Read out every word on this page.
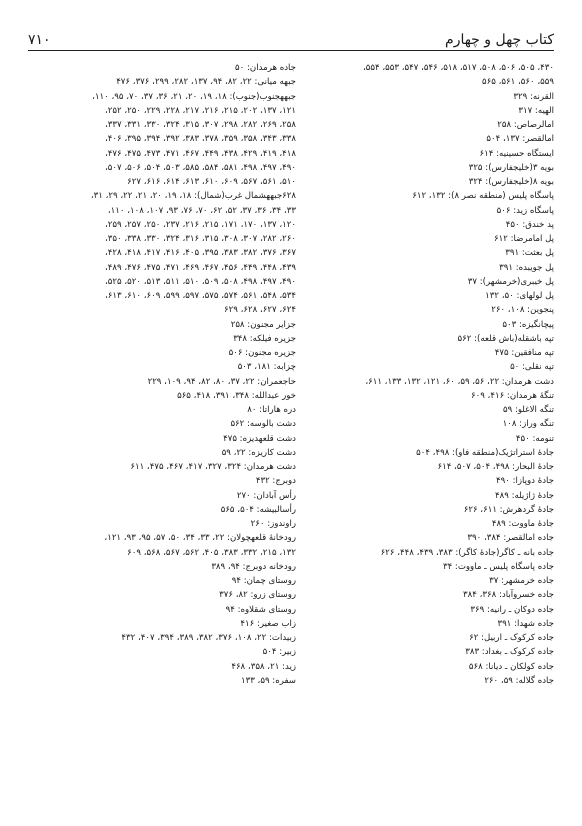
کتاب چهل و چهارم
۷۱۰

۴۳۰، ۵۰۵، ۵۰۶، ۵۰۸، ۵۱۷، ۵۱۸، ۵۴۶، ۵۴۷، ۵۵۳، ۵۵۴،

۵۵۹، ۵۶۰، ۵۶۱، ۵۶۵

القرنه: ۳۲۹

الهیه: ۳۱۷

امالرصاص: ۲۵۸

امالقصر: ۱۳۷، ۵۰۴

ایستگاه حسینیه: ۶۱۴

بویه ۳(خلیجفارس): ۳۲۵

بویه ۸(خلیجفارس): ۳۲۴

پاسگاه پلیس (منطقه نصر ۸): ۱۳۲، ۶۱۲

پاسگاه زید: ۵۰۶

پد خندق: ۴۵۰

پل امامرضا: ۶۱۲

پل بعثت: ۳۹۱

پل جویبده: ۳۹۱

پل خیبری(خرمشهر): ۳۷

پل لولهای: ۵۰، ۱۳۲

پنجوین: ۱۰۸، ۲۶۰

پیچانگیزه: ۵۰۳

تپه باشقله(باش قلعه): ۵۶۲

تپه منافقین: ۴۷۵

تپه نقلی: ۵۰

دشت هرمدان: ۲۲، ۵۶، ۵۹، ۶۰، ۱۲۱، ۱۳۲، ۱۳۳، ۶۱۱،

تنگهٔ هرمدان: ۴۱۶، ۶۰۹

تنگه الاغلو: ۵۹

تنگه وراز: ۱۰۸

تنومه: ۴۵۰

جادهٔ استراتژیک(منطقه فاو): ۴۹۸، ۵۰۴

جادهٔ البحار: ۴۹۸، ۵۰۴، ۵۰۷، ۶۱۴

جادهٔ دوپازا: ۴۹۰

جادهٔ ژاژیله: ۴۸۹

جادهٔ گردهرش: ۶۱۱، ۶۲۶

جادهٔ ماووت: ۴۸۹

جاده امالقصر: ۳۸۴، ۳۹۰

جاده بانه ـ کاگر(جادهٔ کاگر): ۳۸۳، ۴۳۹، ۴۴۸، ۶۲۶

جاده پاسگاه پلیس ـ ماووت: ۳۴

جاده خرمشهر: ۳۷

جاده خسروآباد: ۳۶۸، ۳۸۴

جاده دوکان ـ رانیه: ۳۶۹

جاده شهدا: ۳۹۱

جاده کرکوک ـ اربیل: ۶۲

جاده کرکوک ـ بغداد: ۳۸۳

جاده کولکان ـ دیانا: ۵۶۸

جاده گلاله: ۵۹، ۲۶۰

جاده هرمدان: ۵۰

جبهه میانی: ۲۲، ۸۲، ۹۴، ۱۳۷، ۲۸۲، ۲۹۹، ۳۷۶، ۴۷۶

جبههجنوب(جنوب): ۱۸، ۱۹، ۲۰، ۲۱، ۳۶، ۳۷، ۷۰، ۹۵، ۱۱۰،

۱۲۱، ۱۳۷، ۲۰۲، ۲۱۵، ۲۱۶، ۲۱۷، ۲۲۸، ۲۲۹، ۲۵۰، ۲۵۲،

۲۵۸، ۲۶۹، ۲۸۲، ۲۹۸، ۳۰۷، ۳۱۵، ۳۲۴، ۳۳۰، ۳۳۱، ۳۳۷،

۳۳۸، ۳۴۳، ۳۵۸، ۳۵۹، ۳۷۸، ۳۸۳، ۳۹۲، ۳۹۴، ۳۹۵، ۴۰۶،

۴۱۸، ۴۱۹، ۴۲۹، ۴۳۸، ۴۴۹، ۴۶۷، ۴۷۱، ۴۷۳، ۴۷۵، ۴۷۶،

۴۹۰، ۴۹۷، ۴۹۸، ۵۸۱، ۵۸۴، ۵۸۵، ۵۰۳، ۵۰۴، ۵۰۶، ۵۰۷،

۵۱۰، ۵۶۱، ۵۶۷، ۶۰۹، ۶۱۰، ۶۱۳، ۶۱۴، ۶۱۶، ۶۲۷

۶۲۸جبههشمال غرب(شمال): ۱۸، ۱۹، ۲۰، ۲۱، ۲۲، ۲۹، ۳۱،

۳۳، ۳۴، ۳۶، ۳۷، ۵۲، ۶۲، ۷۰، ۷۶، ۹۳، ۱۰۷، ۱۰۸، ۱۱۰،

۱۲۰، ۱۳۷، ۱۷۰، ۱۷۱، ۲۱۵، ۲۱۶، ۲۳۷، ۲۵۰، ۲۵۷، ۲۵۹،

۲۶۰، ۲۸۲، ۳۰۷، ۳۰۸، ۳۱۵، ۳۱۶، ۳۲۴، ۳۳۰، ۳۳۸، ۳۵۰،

۳۶۷، ۳۷۶، ۳۸۲، ۳۸۳، ۳۹۵، ۴۰۵، ۴۱۶، ۴۱۷، ۴۱۸، ۴۲۸،

۴۳۹، ۴۴۸، ۴۴۹، ۴۵۶، ۴۶۷، ۴۶۹، ۴۷۱، ۴۷۵، ۴۷۶، ۴۸۹،

۴۹۰، ۴۹۷، ۴۹۸، ۵۰۸، ۵۰۹، ۵۱۰، ۵۱۱، ۵۱۳، ۵۲۰، ۵۲۵،

۵۳۴، ۵۴۸، ۵۶۱، ۵۷۴، ۵۷۵، ۵۹۷، ۵۹۹، ۶۰۹، ۶۱۰، ۶۱۳،

۶۲۴، ۶۲۷، ۶۲۸، ۶۲۹

جزایر مجنون: ۲۵۸

جزیره فیلکه: ۳۴۸

جزیره مجنون: ۵۰۶

چزابه: ۱۸۱، ۵۰۳

حاجعمران: ۲۲، ۳۷، ۸۰، ۸۲، ۹۴، ۱۰۹، ۲۲۹

خور عبدالله: ۳۴۸، ۳۹۱، ۴۱۸، ۵۶۵

دره هاراتا: ۸۰

دشت بالوسه: ۵۶۲

دشت قلعهدیزه: ۴۷۵

دشت کاریزه: ۲۲، ۵۹

دشت هرمدان: ۳۲۴، ۳۲۷، ۴۱۷، ۴۶۷، ۴۷۵، ۶۱۱

دوبرج: ۴۳۲

رأس آبادان: ۲۷۰

رأسالبیشه: ۵۰۴، ۵۶۵

راوندوز: ۲۶۰

رودخانهٔ قلعهچولان: ۲۲، ۳۳، ۳۴، ۵۰، ۵۷، ۹۵، ۹۳، ۱۲۱،

۱۳۲، ۲۱۵، ۳۳۲، ۳۸۳، ۴۰۵، ۵۶۲، ۵۶۷، ۵۶۸، ۶۰۹

رودخانه دوبرج: ۹۴، ۳۸۹

روستای چمان: ۹۴

روستای زرو: ۸۲، ۳۷۶

روستای شقلاوه: ۹۴

زاب صغیر: ۴۱۶

زبیدات: ۲۲، ۱۰۸، ۳۷۶، ۳۸۲، ۳۸۹، ۳۹۴، ۴۰۷، ۴۳۲

زبیر: ۵۰۴

زید: ۲۱، ۳۵۸، ۴۶۸

سفره: ۵۹، ۱۳۳
